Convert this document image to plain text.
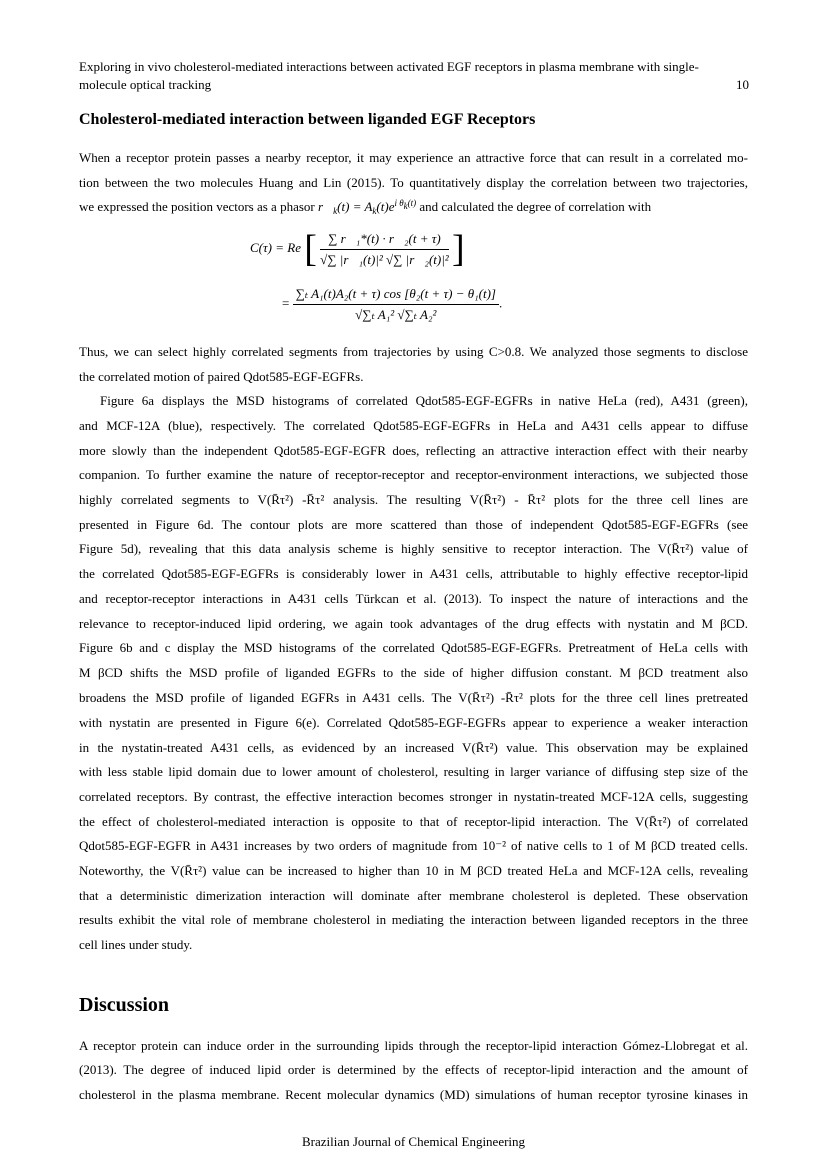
Exploring in vivo cholesterol-mediated interactions between activated EGF receptors in plasma membrane with single-molecule optical tracking	10
Cholesterol-mediated interaction between liganded EGF Receptors
When a receptor protein passes a nearby receptor, it may experience an attractive force that can result in a correlated mo-
tion between the two molecules Huang and Lin (2015). To quantitatively display the correlation between two trajectories,
we expressed the position vectors as a phasor $r⃗_k(t) = A_k(t)e^{i \theta_k(t)}$ and calculated the degree of correlation with
C(τ) = Re [ $\frac{\text{∑ r⃗₁*(t) · r⃗₂(t + τ)}}{\text{√∑ |r⃗₁(t)|² √∑ |r⃗₂(t)|²}}$ ]
= $\frac{\text{∑ₜ A₁(t)A₂(t + τ) cos [θ₂(t + τ) − θ₁(t)]}}{\text{√∑ₜ A₁² √∑ₜ A₂²}}$ .
Thus, we can select highly correlated segments from trajectories by using C>0.8. We analyzed those segments to disclose
the correlated motion of paired Qdot585-EGF-EGFRs.
Figure 6a displays the MSD histograms of correlated Qdot585-EGF-EGFRs in native HeLa (red), A431 (green),
and MCF-12A (blue), respectively. The correlated Qdot585-EGF-EGFRs in HeLa and A431 cells appear to diffuse
more slowly than the independent Qdot585-EGF-EGFR does, reflecting an attractive interaction effect with their nearby
companion. To further examine the nature of receptor-receptor and receptor-environment interactions, we subjected those
highly correlated segments to V(R̄τ²) -R̄τ² analysis. The resulting V(R̄τ²) - R̄τ² plots for the three cell lines are
presented in Figure 6d. The contour plots are more scattered than those of independent Qdot585-EGF-EGFRs (see
Figure 5d), revealing that this data analysis scheme is highly sensitive to receptor interaction. The V(R̄τ²) value of
the correlated Qdot585-EGF-EGFRs is considerably lower in A431 cells, attributable to highly effective receptor-lipid
and receptor-receptor interactions in A431 cells Türkcan et al. (2013). To inspect the nature of interactions and the
relevance to receptor-induced lipid ordering, we again took advantages of the drug effects with nystatin and M βCD.
Figure 6b and c display the MSD histograms of the correlated Qdot585-EGF-EGFRs. Pretreatment of HeLa cells with
M βCD shifts the MSD profile of liganded EGFRs to the side of higher diffusion constant. M βCD treatment also
broadens the MSD profile of liganded EGFRs in A431 cells. The V(R̄τ²) -R̄τ² plots for the three cell lines pretreated
with nystatin are presented in Figure 6(e). Correlated Qdot585-EGF-EGFRs appear to experience a weaker interaction
in the nystatin-treated A431 cells, as evidenced by an increased V(R̄τ²) value. This observation may be explained
with less stable lipid domain due to lower amount of cholesterol, resulting in larger variance of diffusing step size of the
correlated receptors. By contrast, the effective interaction becomes stronger in nystatin-treated MCF-12A cells, suggesting
the effect of cholesterol-mediated interaction is opposite to that of receptor-lipid interaction. The V(R̄τ²) of correlated
Qdot585-EGF-EGFR in A431 increases by two orders of magnitude from 10⁻² of native cells to 1 of M βCD treated cells.
Noteworthy, the V(R̄τ²) value can be increased to higher than 10 in M βCD treated HeLa and MCF-12A cells, revealing
that a deterministic dimerization interaction will dominate after membrane cholesterol is depleted. These observation
results exhibit the vital role of membrane cholesterol in mediating the interaction between liganded receptors in the three
cell lines under study.
Discussion
A receptor protein can induce order in the surrounding lipids through the receptor-lipid interaction Gómez-Llobregat et al.
(2013). The degree of induced lipid order is determined by the effects of receptor-lipid interaction and the amount of
cholesterol in the plasma membrane. Recent molecular dynamics (MD) simulations of human receptor tyrosine kinases in
Brazilian Journal of Chemical Engineering
